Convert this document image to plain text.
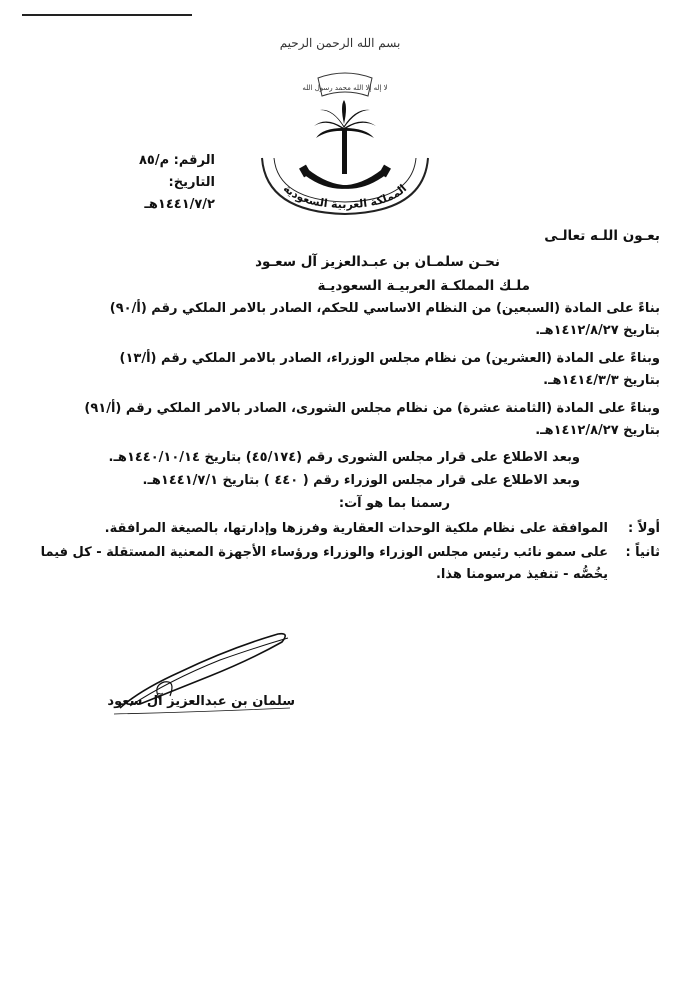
بسم الله الرحمن الرحيم
لا إله إلا الله محمد رسول الله
المملكة العربية السعودية
الرقم: م/٨٥
التاريخ: ١٤٤١/٧/٢هـ
بعـون اللـه تعالـى
نحـن سلمـان بن عبـدالعزيز آل سعـود
ملـك المملكـة العربيـة السعوديـة

بناءً على المادة (السبعين) من النظام الاساسي للحكم، الصادر بالامر الملكي رقم (أ/٩٠)

بتاريخ ١٤١٢/٨/٢٧هـ.

وبناءً على المادة (العشرين) من نظام مجلس الوزراء، الصادر بالامر الملكي رقم (أ/١٣)

بتاريخ ١٤١٤/٣/٣هـ.

وبناءً على المادة (الثامنة عشرة) من نظام مجلس الشورى، الصادر بالامر الملكي رقم (أ/٩١)

بتاريخ ١٤١٢/٨/٢٧هـ.

وبعد الاطلاع على قرار مجلس الشورى رقم (٤٥/١٧٤) بتاريخ ١٤٤٠/١٠/١٤هـ.
وبعد الاطلاع على قرار مجلس الوزراء رقم ( ٤٤٠ ) بتاريخ ١٤٤١/٧/١هـ.
رسمنا بما هو آت:
أولاً :
الموافقة على نظام ملكية الوحدات العقارية وفرزها وإدارتها، بالصيغة المرافقة.
ثانياً :
على سمو نائب رئيس مجلس الوزراء والوزراء ورؤساء الأجهزة المعنية المستقلة - كل فيما يخُصُّه - تنفيذ مرسومنا هذا.
سلمان بن عبدالعزيز آل سعود
